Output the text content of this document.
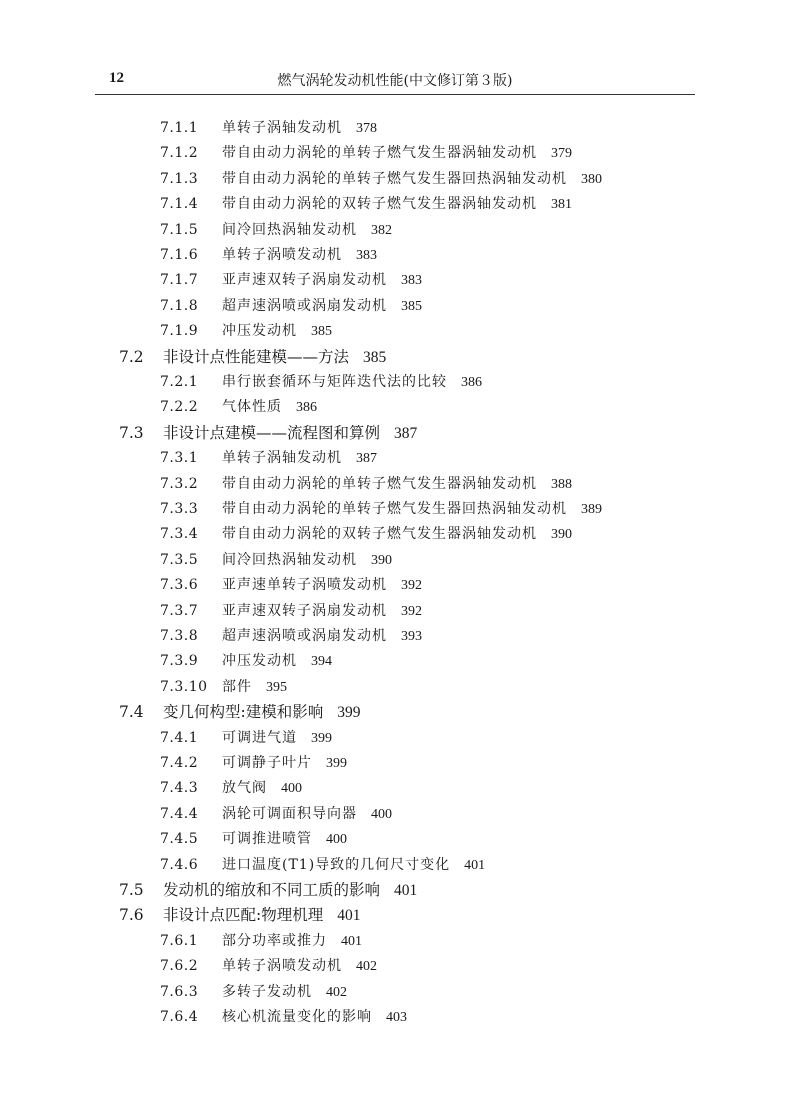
12	燃气涡轮发动机性能(中文修订第３版)
7.1.1 单转子涡轴发动机 378
7.1.2 带自由动力涡轮的单转子燃气发生器涡轴发动机 379
7.1.3 带自由动力涡轮的单转子燃气发生器回热涡轴发动机 380
7.1.4 带自由动力涡轮的双转子燃气发生器涡轴发动机 381
7.1.5 间冷回热涡轴发动机 382
7.1.6 单转子涡喷发动机 383
7.1.7 亚声速双转子涡扇发动机 383
7.1.8 超声速涡喷或涡扇发动机 385
7.1.9 冲压发动机 385
7.2 非设计点性能建模——方法 385
7.2.1 串行嵌套循环与矩阵迭代法的比较 386
7.2.2 气体性质 386
7.3 非设计点建模——流程图和算例 387
7.3.1 单转子涡轴发动机 387
7.3.2 带自由动力涡轮的单转子燃气发生器涡轴发动机 388
7.3.3 带自由动力涡轮的单转子燃气发生器回热涡轴发动机 389
7.3.4 带自由动力涡轮的双转子燃气发生器涡轴发动机 390
7.3.5 间冷回热涡轴发动机 390
7.3.6 亚声速单转子涡喷发动机 392
7.3.7 亚声速双转子涡扇发动机 392
7.3.8 超声速涡喷或涡扇发动机 393
7.3.9 冲压发动机 394
7.3.10 部件 395
7.4 变几何构型:建模和影响 399
7.4.1 可调进气道 399
7.4.2 可调静子叶片 399
7.4.3 放气阀 400
7.4.4 涡轮可调面积导向器 400
7.4.5 可调推进喷管 400
7.4.6 进口温度(T1)导致的几何尺寸变化 401
7.5 发动机的缩放和不同工质的影响 401
7.6 非设计点匹配:物理机理 401
7.6.1 部分功率或推力 401
7.6.2 单转子涡喷发动机 402
7.6.3 多转子发动机 402
7.6.4 核心机流量变化的影响 403
